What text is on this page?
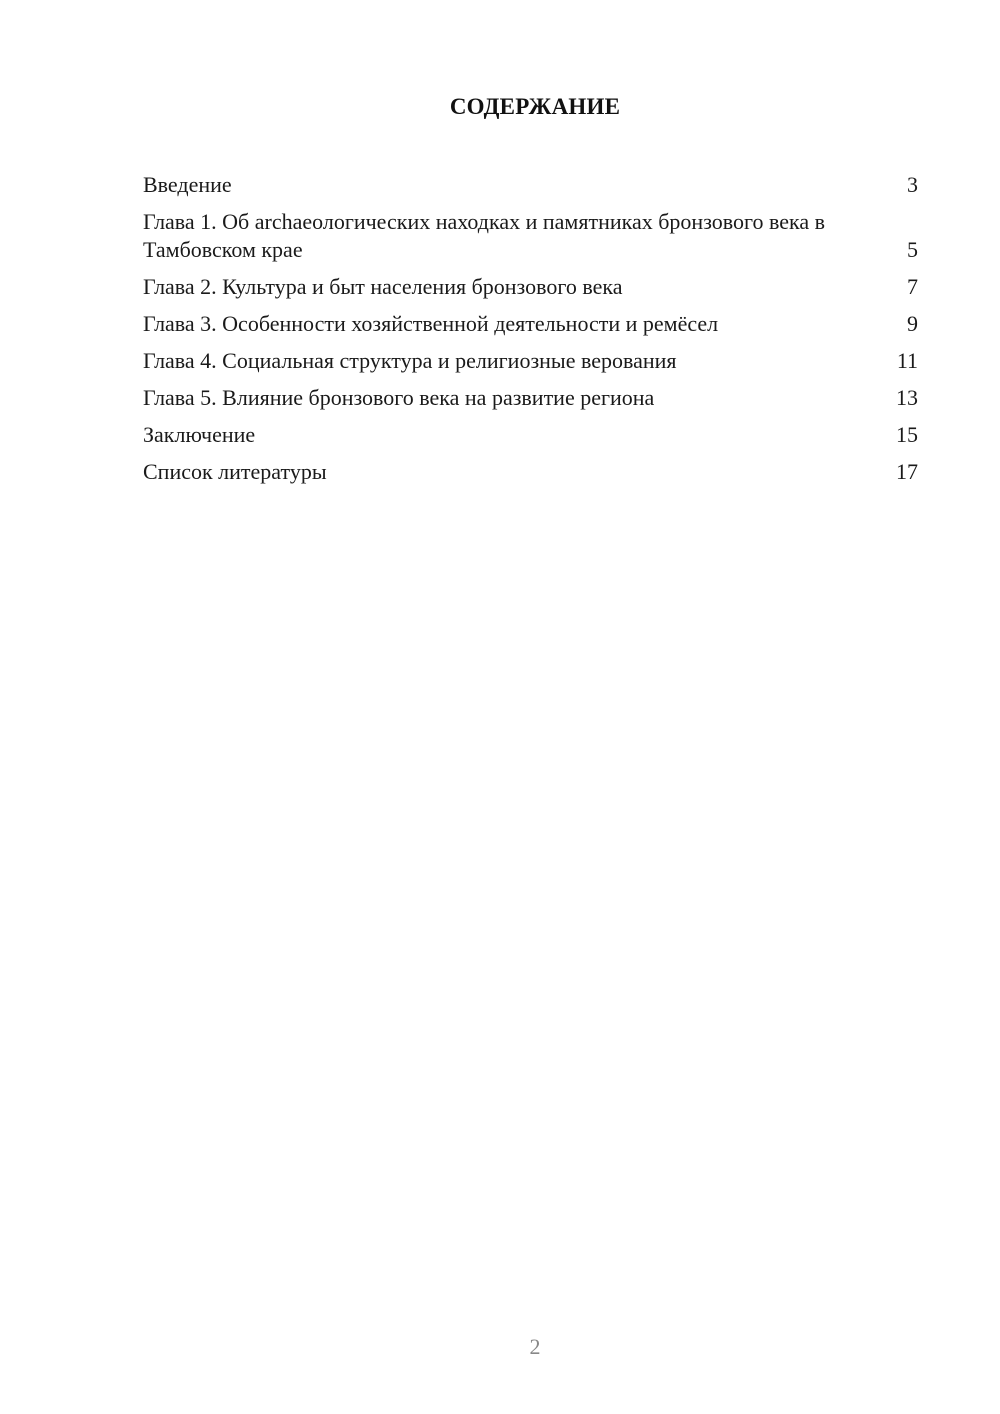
СОДЕРЖАНИЕ
Введение	3
Глава 1. Об archaeологических находках и памятниках бронзового века в Тамбовском крае	5
Глава 2. Культура и быт населения бронзового века	7
Глава 3. Особенности хозяйственной деятельности и ремёсел	9
Глава 4. Социальная структура и религиозные верования	11
Глава 5. Влияние бронзового века на развитие региона	13
Заключение	15
Список литературы	17
2
